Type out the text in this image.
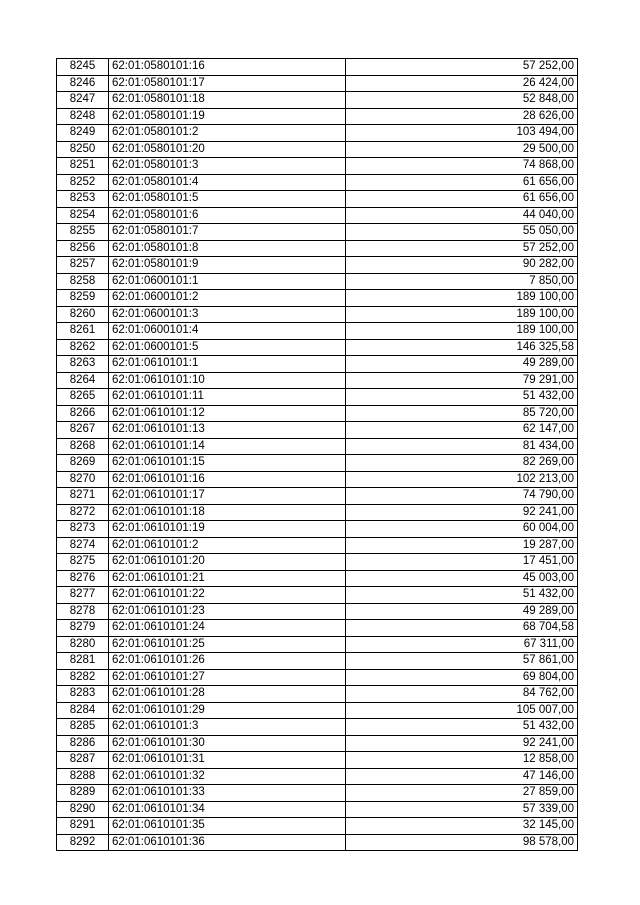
8245	62:01:0580101:16	57 252,00
8246	62:01:0580101:17	26 424,00
8247	62:01:0580101:18	52 848,00
8248	62:01:0580101:19	28 626,00
8249	62:01:0580101:2	103 494,00
8250	62:01:0580101:20	29 500,00
8251	62:01:0580101:3	74 868,00
8252	62:01:0580101:4	61 656,00
8253	62:01:0580101:5	61 656,00
8254	62:01:0580101:6	44 040,00
8255	62:01:0580101:7	55 050,00
8256	62:01:0580101:8	57 252,00
8257	62:01:0580101:9	90 282,00
8258	62:01:0600101:1	7 850,00
8259	62:01:0600101:2	189 100,00
8260	62:01:0600101:3	189 100,00
8261	62:01:0600101:4	189 100,00
8262	62:01:0600101:5	146 325,58
8263	62:01:0610101:1	49 289,00
8264	62:01:0610101:10	79 291,00
8265	62:01:0610101:11	51 432,00
8266	62:01:0610101:12	85 720,00
8267	62:01:0610101:13	62 147,00
8268	62:01:0610101:14	81 434,00
8269	62:01:0610101:15	82 269,00
8270	62:01:0610101:16	102 213,00
8271	62:01:0610101:17	74 790,00
8272	62:01:0610101:18	92 241,00
8273	62:01:0610101:19	60 004,00
8274	62:01:0610101:2	19 287,00
8275	62:01:0610101:20	17 451,00
8276	62:01:0610101:21	45 003,00
8277	62:01:0610101:22	51 432,00
8278	62:01:0610101:23	49 289,00
8279	62:01:0610101:24	68 704,58
8280	62:01:0610101:25	67 311,00
8281	62:01:0610101:26	57 861,00
8282	62:01:0610101:27	69 804,00
8283	62:01:0610101:28	84 762,00
8284	62:01:0610101:29	105 007,00
8285	62:01:0610101:3	51 432,00
8286	62:01:0610101:30	92 241,00
8287	62:01:0610101:31	12 858,00
8288	62:01:0610101:32	47 146,00
8289	62:01:0610101:33	27 859,00
8290	62:01:0610101:34	57 339,00
8291	62:01:0610101:35	32 145,00
8292	62:01:0610101:36	98 578,00
